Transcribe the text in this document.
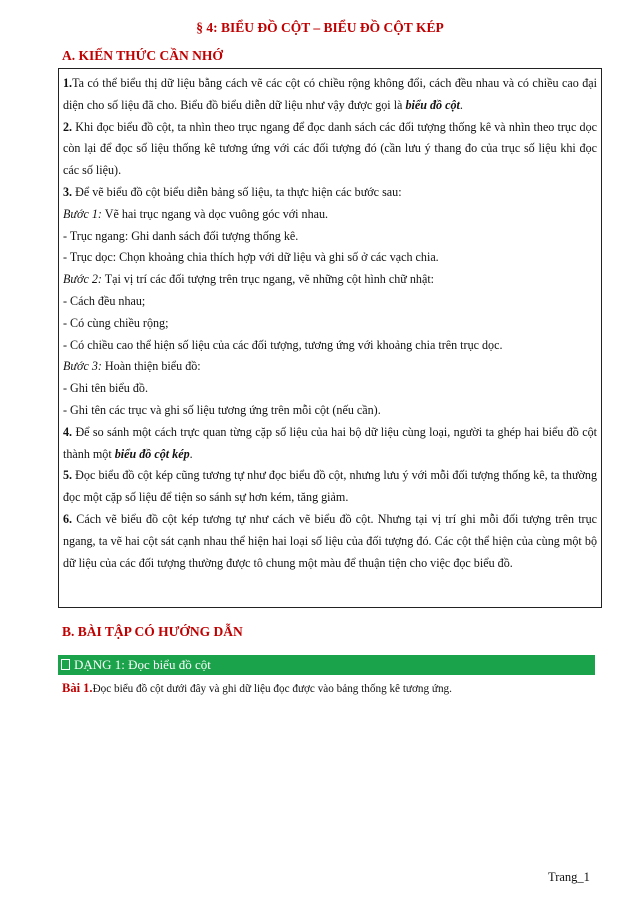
§ 4: BIỂU ĐỒ CỘT – BIỂU ĐỒ CỘT KÉP
A. KIẾN THỨC CẦN NHỚ

1.Ta có thể biểu thị dữ liệu bằng cách vẽ các cột có chiều rộng không đổi, cách đều nhau và có chiều cao đại diện cho số liệu đã cho. Biểu đồ biểu diễn dữ liệu như vậy được gọi là biểu đồ cột.

2. Khi đọc biểu đồ cột, ta nhìn theo trục ngang để đọc danh sách các đối tượng thống kê và nhìn theo trục dọc còn lại để đọc số liệu thống kê tương ứng với các đối tượng đó (cần lưu ý thang đo của trục số liệu khi đọc các số liệu).

3. Để vẽ biểu đồ cột biểu diễn bảng số liệu, ta thực hiện các bước sau:

Bước 1: Vẽ hai trục ngang và dọc vuông góc với nhau.

- Trục ngang: Ghi danh sách đối tượng thống kê.

- Trục dọc: Chọn khoảng chia thích hợp với dữ liệu và ghi số ở các vạch chia.

Bước 2: Tại vị trí các đối tượng trên trục ngang, vẽ những cột hình chữ nhật:

- Cách đều nhau;

- Có cùng chiều rộng;

- Có chiều cao thể hiện số liệu của các đối tượng, tương ứng với khoảng chia trên trục dọc.

Bước 3: Hoàn thiện biểu đồ:

- Ghi tên biểu đồ.

- Ghi tên các trục và ghi số liệu tương ứng trên mỗi cột (nếu cần).

4. Để so sánh một cách trực quan từng cặp số liệu của hai bộ dữ liệu cùng loại, người ta ghép hai biểu đồ cột thành một biểu đồ cột kép.

5. Đọc biểu đồ cột kép cũng tương tự như đọc biểu đồ cột, nhưng lưu ý với mỗi đối tượng thống kê, ta thường đọc một cặp số liệu để tiện so sánh sự hơn kém, tăng giảm.

6. Cách vẽ biểu đồ cột kép tương tự như cách vẽ biểu đồ cột. Nhưng tại vị trí ghi mỗi đối tượng trên trục ngang, ta vẽ hai cột sát cạnh nhau thể hiện hai loại số liệu của đối tượng đó. Các cột thể hiện của cùng một bộ dữ liệu của các đối tượng thường được tô chung một màu để thuận tiện cho việc đọc biểu đồ.

B. BÀI TẬP CÓ HƯỚNG DẪN
DẠNG 1: Đọc biểu đồ cột
Bài 1.Đọc biểu đồ cột dưới đây và ghi dữ liệu đọc được vào bảng thống kê tương ứng.
Trang_1
